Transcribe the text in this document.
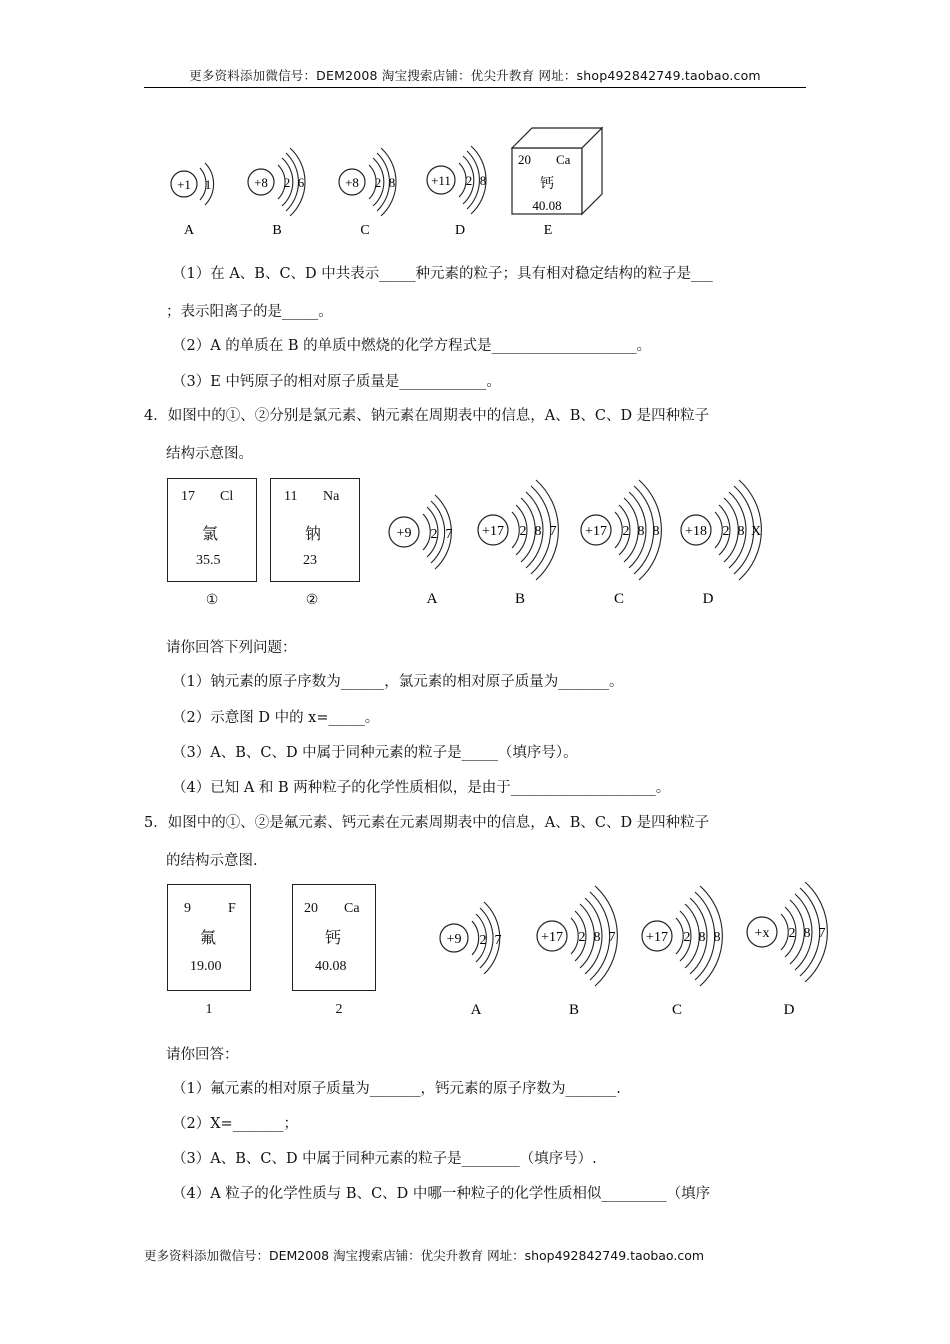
更多资料添加微信号：DEM2008 淘宝搜索店铺：优尖升教育 网址：shop492842749.taobao.com
+1 1	+8 2 6	+8 2 8	+11 2 8
20 Ca
钙
40.08
A	B	C	D	E
（1）在 A、B、C、D 中共表示_____种元素的粒子；具有相对稳定结构的粒子是___
；表示阳离子的是_____。
（2）A 的单质在 B 的单质中燃烧的化学方程式是____________________。
（3）E 中钙原子的相对原子质量是____________。
4．如图中的①、②分别是氯元素、钠元素在周期表中的信息，A、B、C、D 是四种粒子
结构示意图。
17 Cl
氯
35.5
11 Na
钠
23
①	②
+9 2 7 +17 2 8 7 +17 2 8 8 +18 2 8 X
A	B	C	D
请你回答下列问题：
（1）钠元素的原子序数为______，氯元素的相对原子质量为_______。
（2）示意图 D 中的 x=_____。
（3）A、B、C、D 中属于同种元素的粒子是_____（填序号）。
（4）已知 A 和 B 两种粒子的化学性质相似，是由于____________________。
5．如图中的①、②是氟元素、钙元素在元素周期表中的信息，A、B、C、D 是四种粒子
的结构示意图.
9	F
氟
19.00
20 Ca
钙
40.08
1	2
+9 2 7	+17 2 8 7 +17 2 8 8 +x 2 8 7
A	B	C	D
请你回答：
（1）氟元素的相对原子质量为_______，钙元素的原子序数为_______.
（2）X=_______；
（3）A、B、C、D 中属于同种元素的粒子是________（填序号）.
（4）A 粒子的化学性质与 B、C、D 中哪一种粒子的化学性质相似_________（填序
更多资料添加微信号：DEM2008 淘宝搜索店铺：优尖升教育 网址：shop492842749.taobao.com
